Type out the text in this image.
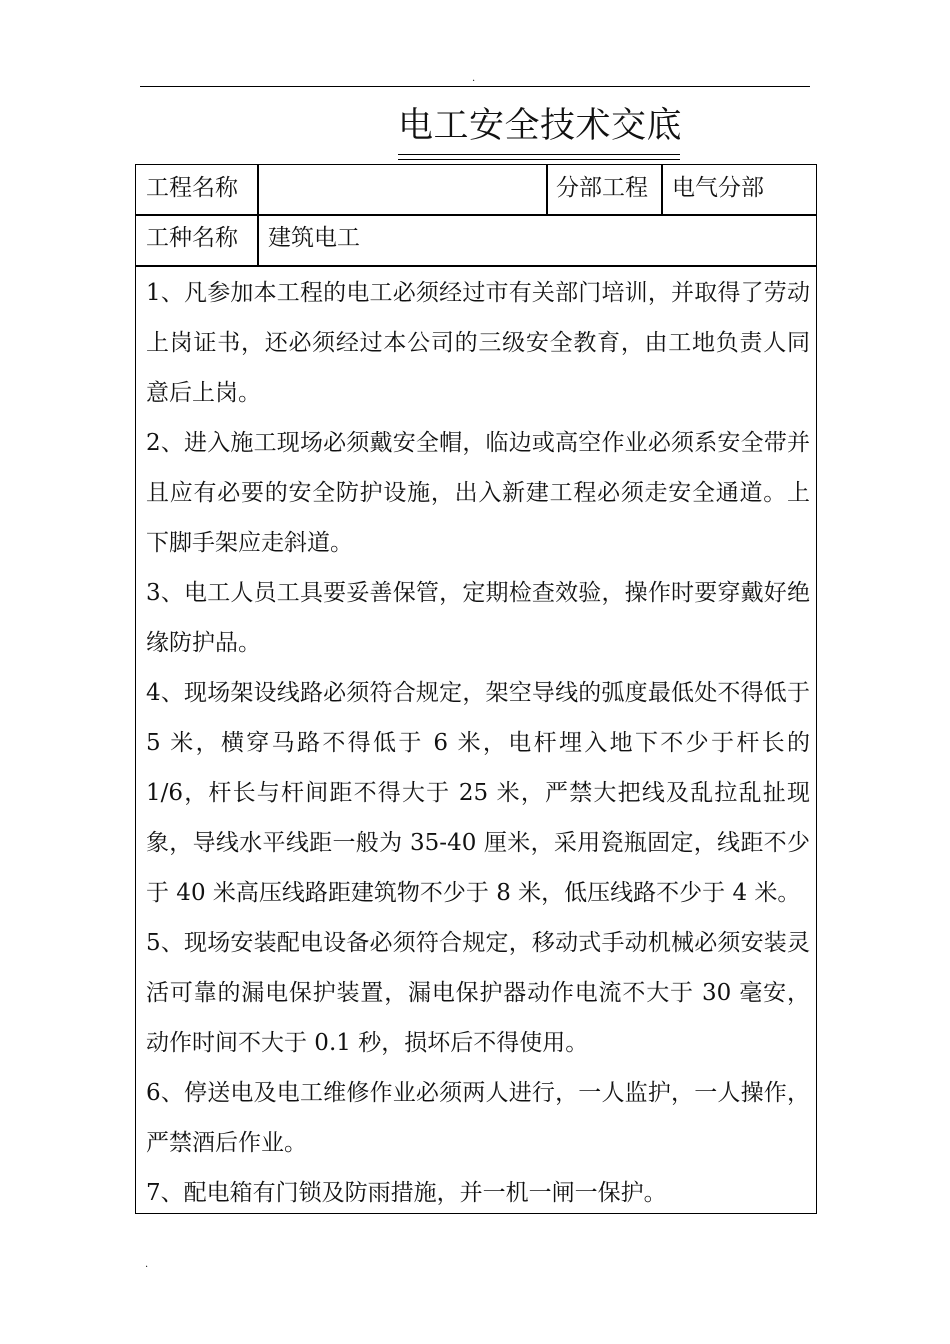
.
电工安全技术交底
工程名称	分部工程 电气分部
工种名称 建筑电工

1、凡参加本工程的电工必须经过市有关部门培训，并取得了劳动上岗证书，还必须经过本公司的三级安全教育，由工地负责人同意后上岗。

2、进入施工现场必须戴安全帽，临边或高空作业必须系安全带并且应有必要的安全防护设施，出入新建工程必须走安全通道。上下脚手架应走斜道。

3、电工人员工具要妥善保管，定期检查效验，操作时要穿戴好绝缘防护品。

4、现场架设线路必须符合规定，架空导线的弧度最低处不得低于 5 米，横穿马路不得低于 6 米，电杆埋入地下不少于杆长的 1/6，杆长与杆间距不得大于 25 米，严禁大把线及乱拉乱扯现象，导线水平线距一般为 35-40 厘米，采用瓷瓶固定，线距不少于 40 米高压线路距建筑物不少于 8 米，低压线路不少于 4 米。

5、现场安装配电设备必须符合规定，移动式手动机械必须安装灵活可靠的漏电保护装置，漏电保护器动作电流不大于 30 毫安，动作时间不大于 0.1 秒，损坏后不得使用。

6、停送电及电工维修作业必须两人进行，一人监护，一人操作，严禁酒后作业。

7、配电箱有门锁及防雨措施，并一机一闸一保护。

.
